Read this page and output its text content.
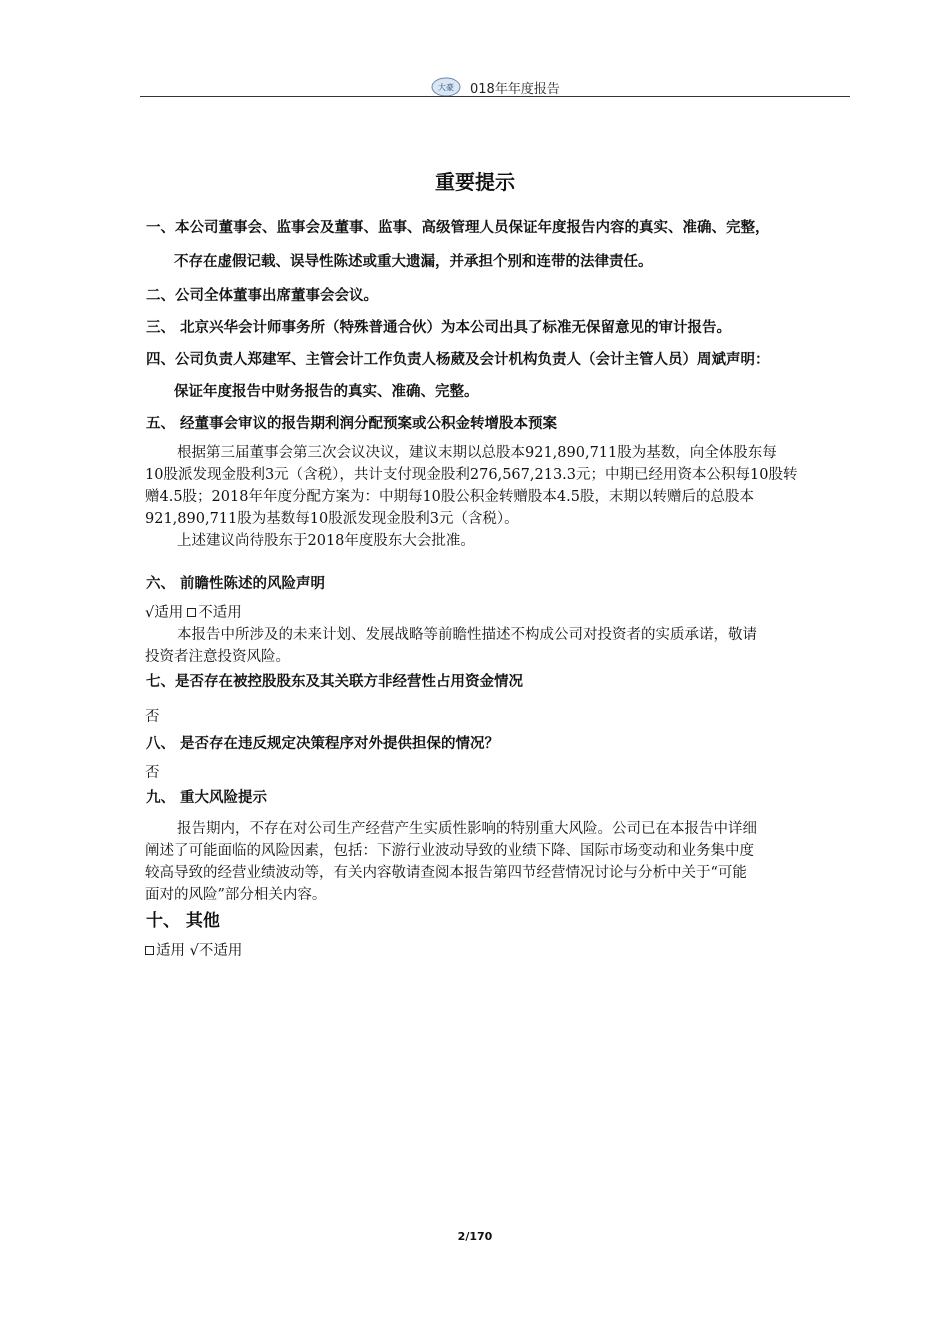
大豪 018年年度报告
重要提示
一、本公司董事会、监事会及董事、监事、高级管理人员保证年度报告内容的真实、准确、完整，
不存在虚假记载、误导性陈述或重大遗漏，并承担个别和连带的法律责任。
二、公司全体董事出席董事会会议。
三、 北京兴华会计师事务所（特殊普通合伙）为本公司出具了标准无保留意见的审计报告。
四、公司负责人郑建军、主管会计工作负责人杨葳及会计机构负责人（会计主管人员）周斌声明：
保证年度报告中财务报告的真实、准确、完整。
五、 经董事会审议的报告期利润分配预案或公积金转增股本预案
根据第三届董事会第三次会议决议，建议末期以总股本921,890,711股为基数，向全体股东每
10股派发现金股利3元（含税），共计支付现金股利276,567,213.3元；中期已经用资本公积每10股转
赠4.5股；2018年年度分配方案为：中期每10股公积金转赠股本4.5股，末期以转赠后的总股本
921,890,711股为基数每10股派发现金股利3元（含税）。
上述建议尚待股东于2018年度股东大会批准。
六、 前瞻性陈述的风险声明
√适用 不适用
本报告中所涉及的未来计划、发展战略等前瞻性描述不构成公司对投资者的实质承诺，敬请
投资者注意投资风险。
七、是否存在被控股股东及其关联方非经营性占用资金情况
否
八、 是否存在违反规定决策程序对外提供担保的情况？
否
九、 重大风险提示
报告期内，不存在对公司生产经营产生实质性影响的特别重大风险。公司已在本报告中详细
阐述了可能面临的风险因素，包括：下游行业波动导致的业绩下降、国际市场变动和业务集中度
较高导致的经营业绩波动等，有关内容敬请查阅本报告第四节经营情况讨论与分析中关于“可能
面对的风险”部分相关内容。
十、 其他
适用 √不适用
2/170
